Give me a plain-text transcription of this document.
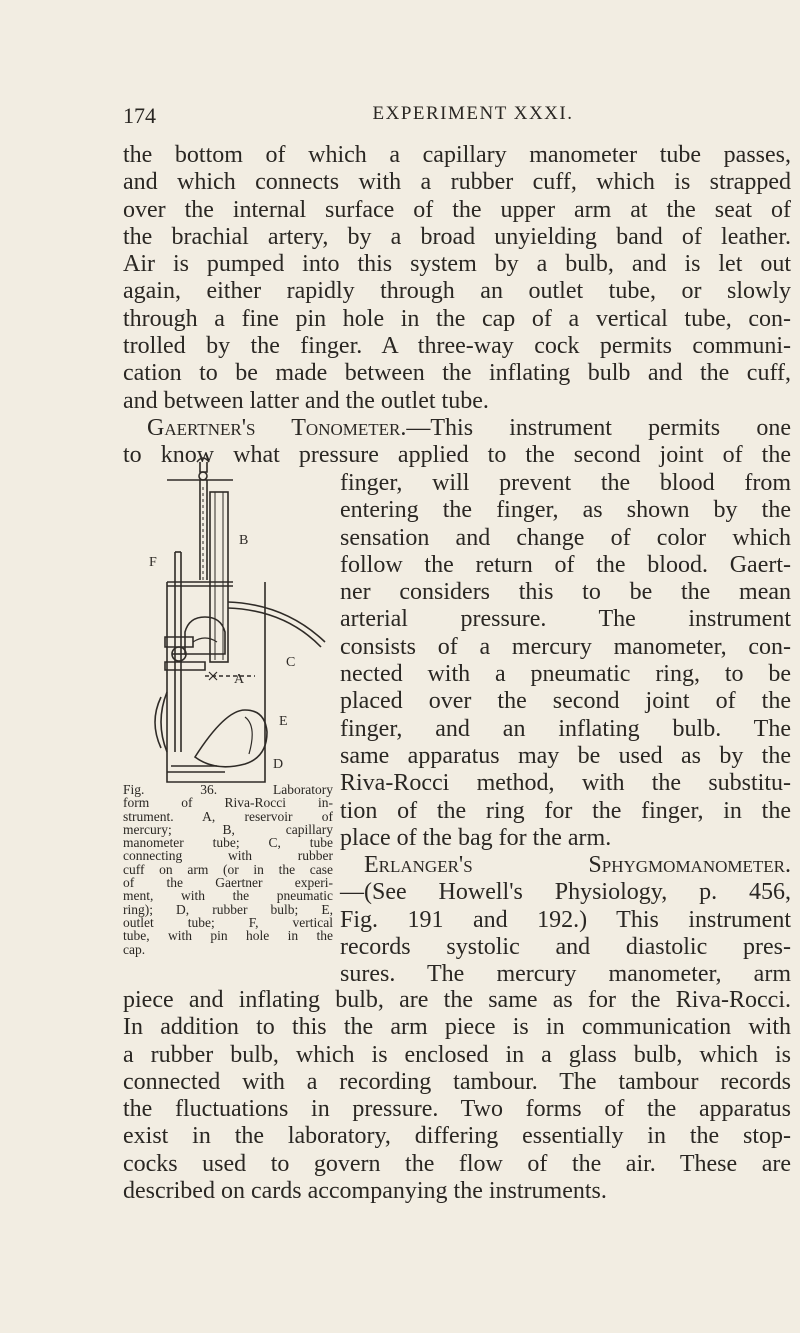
174	EXPERIMENT XXXI.
the bottom of which a capillary manometer tube passes,
and which connects with a rubber cuff, which is strapped
over the internal surface of the upper arm at the seat of
the brachial artery, by a broad unyielding band of leather.
Air is pumped into this system by a bulb, and is let out
again, either rapidly through an outlet tube, or slowly
through a fine pin hole in the cap of a vertical tube, con-
trolled by the finger. A three-way cock permits communi-
cation to be made between the inflating bulb and the cuff,
and between latter and the outlet tube.
Gaertner's Tonometer.—This instrument permits one
to know what pressure applied to the second joint of the
B
F
C
A
E
D
finger, will prevent the blood from
entering the finger, as shown by the
sensation and change of color which
follow the return of the blood. Gaert-
ner considers this to be the mean
arterial pressure. The instrument
consists of a mercury manometer, con-
nected with a pneumatic ring, to be
placed over the second joint of the
finger, and an inflating bulb. The
same apparatus may be used as by the
Riva-Rocci method, with the substitu-
tion of the ring for the finger, in the
place of the bag for the arm.
Erlanger's Sphygmomanometer.
—(See Howell's Physiology, p. 456,
Fig. 191 and 192.) This instrument
records systolic and diastolic pres-
sures. The mercury manometer, arm
Fig. 36. Laboratory
form of Riva-Rocci in-
strument. A, reservoir of
mercury; B, capillary
manometer tube; C, tube
connecting with rubber
cuff on arm (or in the case
of the Gaertner experi-
ment, with the pneumatic
ring); D, rubber bulb; E,
outlet tube; F, vertical
tube, with pin hole in the
cap.
piece and inflating bulb, are the same as for the Riva-Rocci.
In addition to this the arm piece is in communication with
a rubber bulb, which is enclosed in a glass bulb, which is
connected with a recording tambour. The tambour records
the fluctuations in pressure. Two forms of the apparatus
exist in the laboratory, differing essentially in the stop-
cocks used to govern the flow of the air. These are
described on cards accompanying the instruments.
